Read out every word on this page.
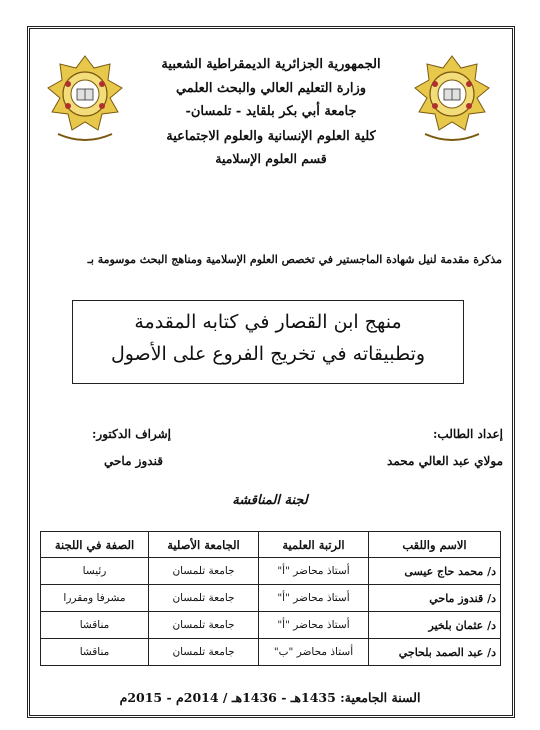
الجمهورية الجزائرية الديمقراطية الشعبية
وزارة التعليم العالي والبحث العلمي
جامعة أبي بكر بلقايد - تلمسان-
كلية العلوم الإنسانية والعلوم الاجتماعية
قسم العلوم الإسلامية
مذكرة مقدمة لنيل شهادة الماجستير في تخصص العلوم الإسلامية ومناهج البحث موسومة بـ
منهج ابن القصار في كتابه المقدمة
وتطبيقاته في تخريج الفروع على الأصول
إعداد الطالب:
إشراف الدكتور:
مولاي عبد العالي محمد
قندوز ماحي
لجنة المناقشة
الاسم واللقب	الرتبة العلمية	الجامعة الأصلية	الصفة في اللجنة
د/ محمد حاج عيسى	أستاذ محاضر "أ"	جامعة تلمسان	رئيسا
د/ قندوز ماحي	أستاذ محاضر "أ"	جامعة تلمسان	مشرفا ومقررا
د/ عثمان بلخير	أستاذ محاضر "أ"	جامعة تلمسان	مناقشا
د/ عبد الصمد بلحاجي	أستاذ محاضر "ب"	جامعة تلمسان	مناقشا
السنة الجامعية: 1435هـ - 1436هـ / 2014م - 2015م
